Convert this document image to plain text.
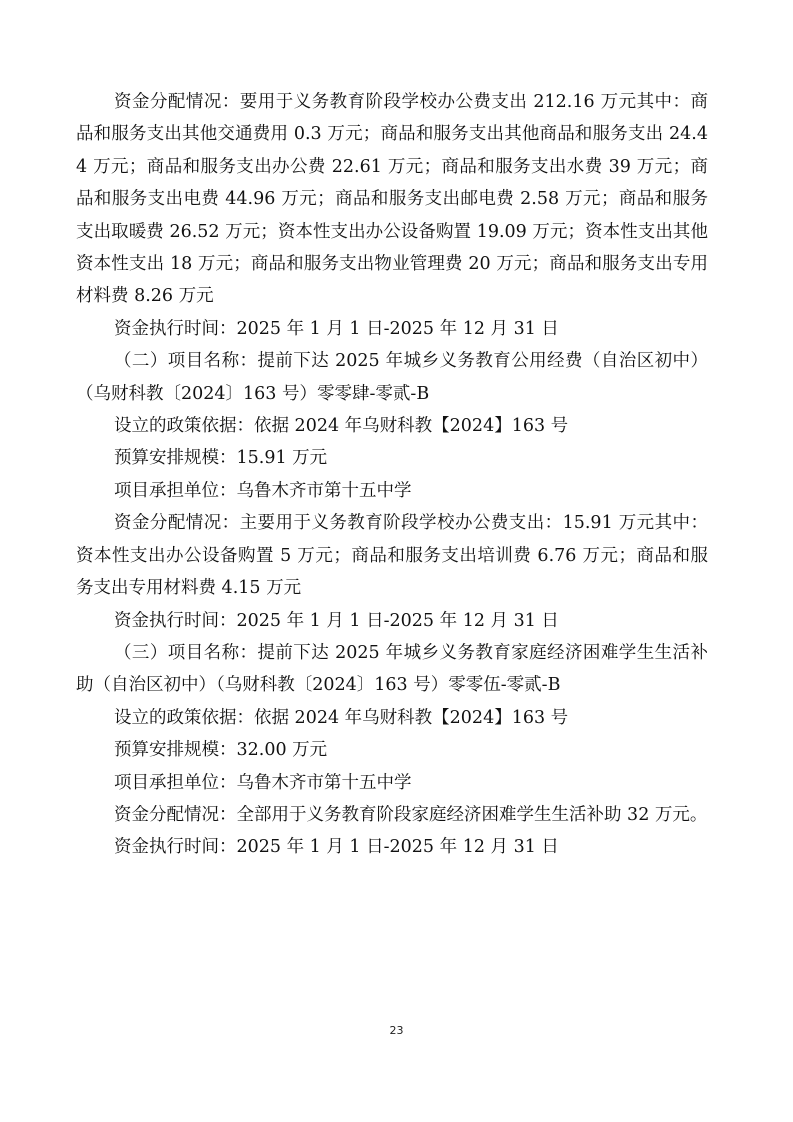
资金分配情况：要用于义务教育阶段学校办公费支出 212.16 万元其中：商品和服务支出其他交通费用 0.3 万元；商品和服务支出其他商品和服务支出 24.44 万元；商品和服务支出办公费 22.61 万元；商品和服务支出水费 39 万元；商品和服务支出电费 44.96 万元；商品和服务支出邮电费 2.58 万元；商品和服务支出取暖费 26.52 万元；资本性支出办公设备购置 19.09 万元；资本性支出其他资本性支出 18 万元；商品和服务支出物业管理费 20 万元；商品和服务支出专用材料费 8.26 万元

资金执行时间：2025 年 1 月 1 日-2025 年 12 月 31 日

（二）项目名称：提前下达 2025 年城乡义务教育公用经费（自治区初中）（乌财科教〔2024〕163 号）零零肆-零贰-B

设立的政策依据：依据 2024 年乌财科教【2024】163 号

预算安排规模：15.91 万元

项目承担单位：乌鲁木齐市第十五中学

资金分配情况：主要用于义务教育阶段学校办公费支出：15.91 万元其中：资本性支出办公设备购置 5 万元；商品和服务支出培训费 6.76 万元；商品和服务支出专用材料费 4.15 万元

资金执行时间：2025 年 1 月 1 日-2025 年 12 月 31 日

（三）项目名称：提前下达 2025 年城乡义务教育家庭经济困难学生生活补助（自治区初中）（乌财科教〔2024〕163 号）零零伍-零贰-B

设立的政策依据：依据 2024 年乌财科教【2024】163 号

预算安排规模：32.00 万元

项目承担单位：乌鲁木齐市第十五中学

资金分配情况：全部用于义务教育阶段家庭经济困难学生生活补助 32 万元。

资金执行时间：2025 年 1 月 1 日-2025 年 12 月 31 日

23
